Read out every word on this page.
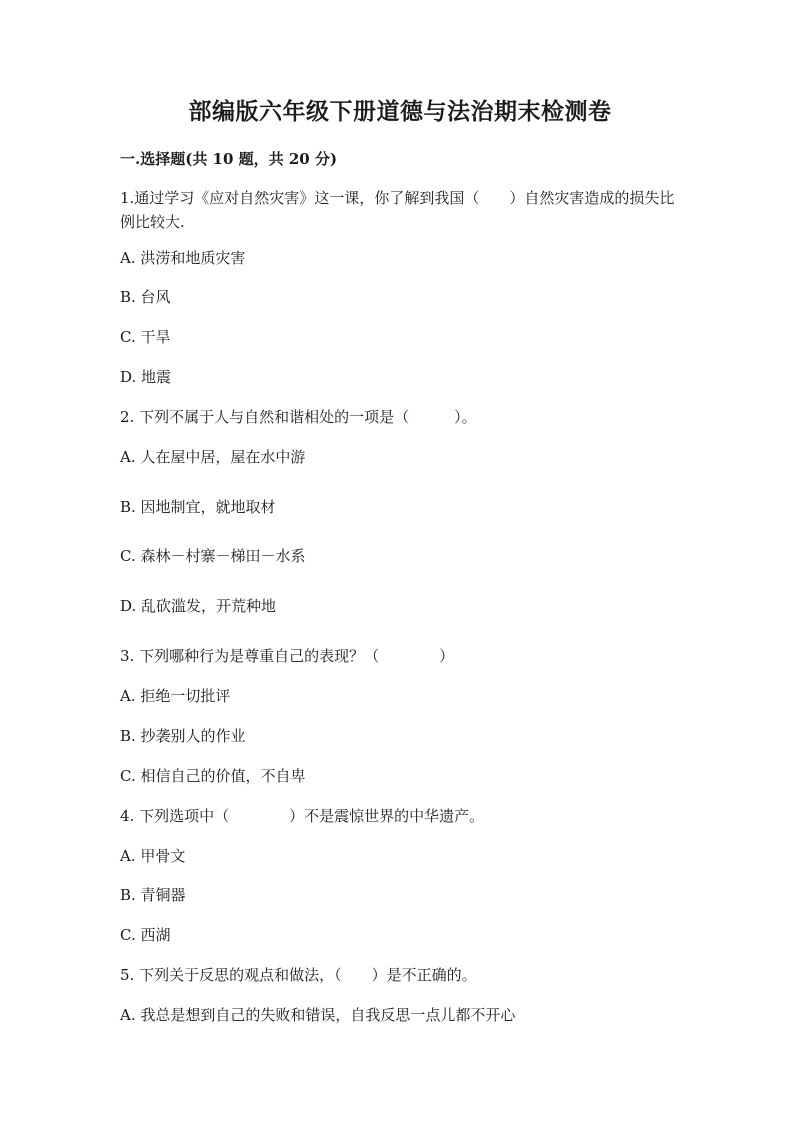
部编版六年级下册道德与法治期末检测卷
一.选择题(共 10 题，共 20 分)
1.通过学习《应对自然灾害》这一课，你了解到我国（　　）自然灾害造成的损失比例比较大.
A. 洪涝和地质灾害
B. 台风
C. 干旱
D. 地震
2. 下列不属于人与自然和谐相处的一项是（　　　）。
A. 人在屋中居，屋在水中游
B. 因地制宜，就地取材
C. 森林－村寨－梯田－水系
D. 乱砍滥发，开荒种地
3. 下列哪种行为是尊重自己的表现？（　　　　）
A. 拒绝一切批评
B. 抄袭别人的作业
C. 相信自己的价值，不自卑
4. 下列选项中（　　　　）不是震惊世界的中华遗产。
A. 甲骨文
B. 青铜器
C. 西湖
5. 下列关于反思的观点和做法，（　　）是不正确的。
A. 我总是想到自己的失败和错误，自我反思一点儿都不开心
